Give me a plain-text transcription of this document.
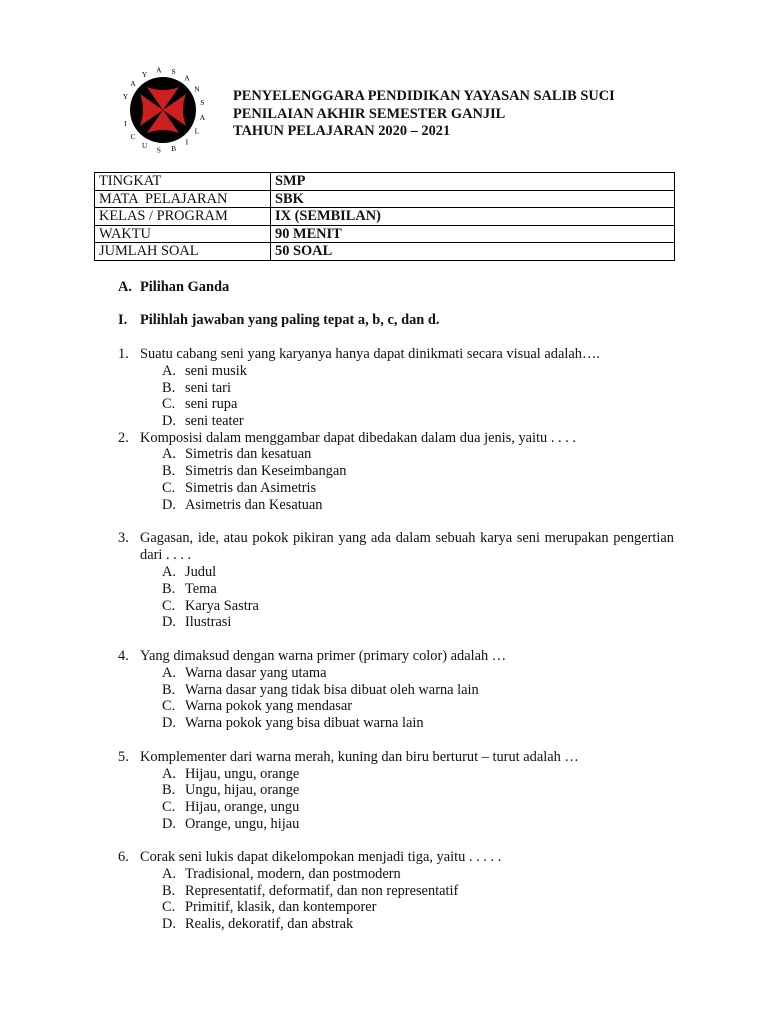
Y
A
Y A S
A
N
S
A
L
I
B
S
U
C
I
PENYELENGGARA PENDIDIKAN YAYASAN SALIB SUCI
PENILAIAN AKHIR SEMESTER GANJIL
TAHUN PELAJARAN 2020 – 2021
TINGKAT	SMP
MATA  PELAJARAN	SBK
KELAS / PROGRAM	IX (SEMBILAN)
WAKTU	90 MENIT
JUMLAH SOAL	50 SOAL
A. Pilihan Ganda
I. Pilihlah jawaban yang paling tepat a, b, c, dan d.
1. Suatu cabang seni yang karyanya hanya dapat dinikmati secara visual adalah….
A. seni musik
B. seni tari
C. seni rupa
D. seni teater
2. Komposisi dalam menggambar dapat dibedakan dalam dua jenis, yaitu . . . .
A. Simetris dan kesatuan
B. Simetris dan Keseimbangan
C. Simetris dan Asimetris
D. Asimetris dan Kesatuan
3. Gagasan, ide, atau pokok pikiran yang ada dalam sebuah karya seni merupakan pengertian dari . . . .
A. Judul
B. Tema
C. Karya Sastra
D. Ilustrasi
4. Yang dimaksud dengan warna primer (primary color) adalah …
A. Warna dasar yang utama
B. Warna dasar yang tidak bisa dibuat oleh warna lain
C. Warna pokok yang mendasar
D. Warna pokok yang bisa dibuat warna lain
5. Komplementer dari warna merah, kuning dan biru berturut – turut adalah …
A. Hijau, ungu, orange
B. Ungu, hijau, orange
C. Hijau, orange, ungu
D. Orange, ungu, hijau
6. Corak seni lukis dapat dikelompokan menjadi tiga, yaitu . . . . .
A. Tradisional, modern, dan postmodern
B. Representatif, deformatif, dan non representatif
C. Primitif, klasik, dan kontemporer
D. Realis, dekoratif, dan abstrak
